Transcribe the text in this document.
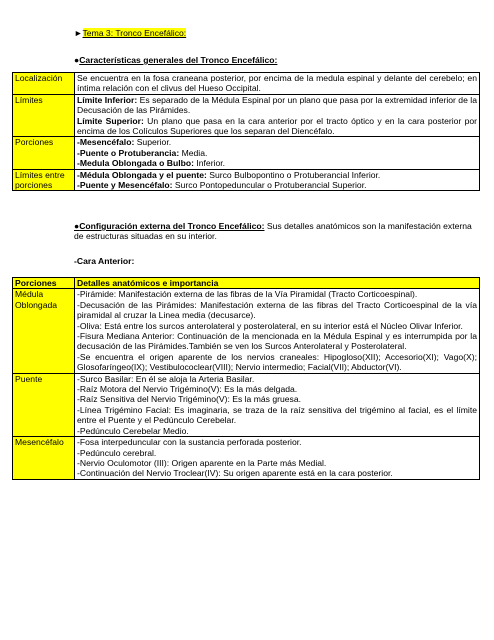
►Tema 3: Tronco Encefálico:
●Características generales del Tronco Encefálico:
Localización	Se encuentra en la fosa craneana posterior, por encima de la medula espinal y delante del cerebelo; en íntima relación con el clivus del Hueso Occipital.

Límites	Límite Inferior: Es separado de la Médula Espinal por un plano que pasa por la extremidad inferior de la Decusación de las Pirámides.
Límite Superior: Un plano que pasa en la cara anterior por el tracto óptico y en la cara posterior por encima de los Colículos Superiores que los separan del Diencéfalo.

Porciones	-Mesencéfalo: Superior.
-Puente o Protuberancia: Media.
-Medula Oblongada o Bulbo: Inferior.

Límites entre porciones	-Médula Oblongada y el puente: Surco Bulbopontino o Protuberancial Inferior.
-Puente y Mesencéfalo: Surco Pontopeduncular o Protuberancial Superior.
●Configuración externa del Tronco Encefálico: Sus detalles anatómicos son la manifestación externa de estructuras situadas en su interior.
-Cara Anterior:
Porciones	Detalles anatómicos e importancia
Médula Oblongada	-Pirámide: Manifestación externa de las fibras de la Vía Piramidal (Tracto Corticoespinal).
-Decusación de las Pirámides: Manifestación externa de las fibras del Tracto Corticoespinal de la vía piramidal al cruzar la Linea media (decusarce).
-Oliva: Está entre los surcos anterolateral y posterolateral, en su interior está el Núcleo Olivar Inferior.
-Fisura Mediana Anterior: Continuación de la mencionada en la Médula Espinal y es interrumpida por la decusación de las Pirámides.También se ven los Surcos Anterolateral y Posterolateral.
-Se encuentra el origen aparente de los nervios craneales: Hipogloso(XII); Accesorio(XI); Vago(X); Glosofaríngeo(IX); Vestibulococlear(VIII); Nervio intermedio; Facial(VII); Abductor(VI).

Puente	-Surco Basilar: En él se aloja la Arteria Basilar.
-Raíz Motora del Nervio Trigémino(V): Es la más delgada.
-Raíz Sensitiva del Nervio Trigémino(V): Es la más gruesa.
-Línea Trigémino Facial: Es imaginaria, se traza de la raíz sensitiva del trigémino al facial, es el límite entre el Puente y el Pedúnculo Cerebelar.
-Pedúnculo Cerebelar Medio.

Mesencéfalo	-Fosa interpeduncular con la sustancia perforada posterior.
-Pedúnculo cerebral.
-Nervio Oculomotor (III): Origen aparente en la Parte más Medial.
-Continuación del Nervio Troclear(IV): Su origen aparente está en la cara posterior.
